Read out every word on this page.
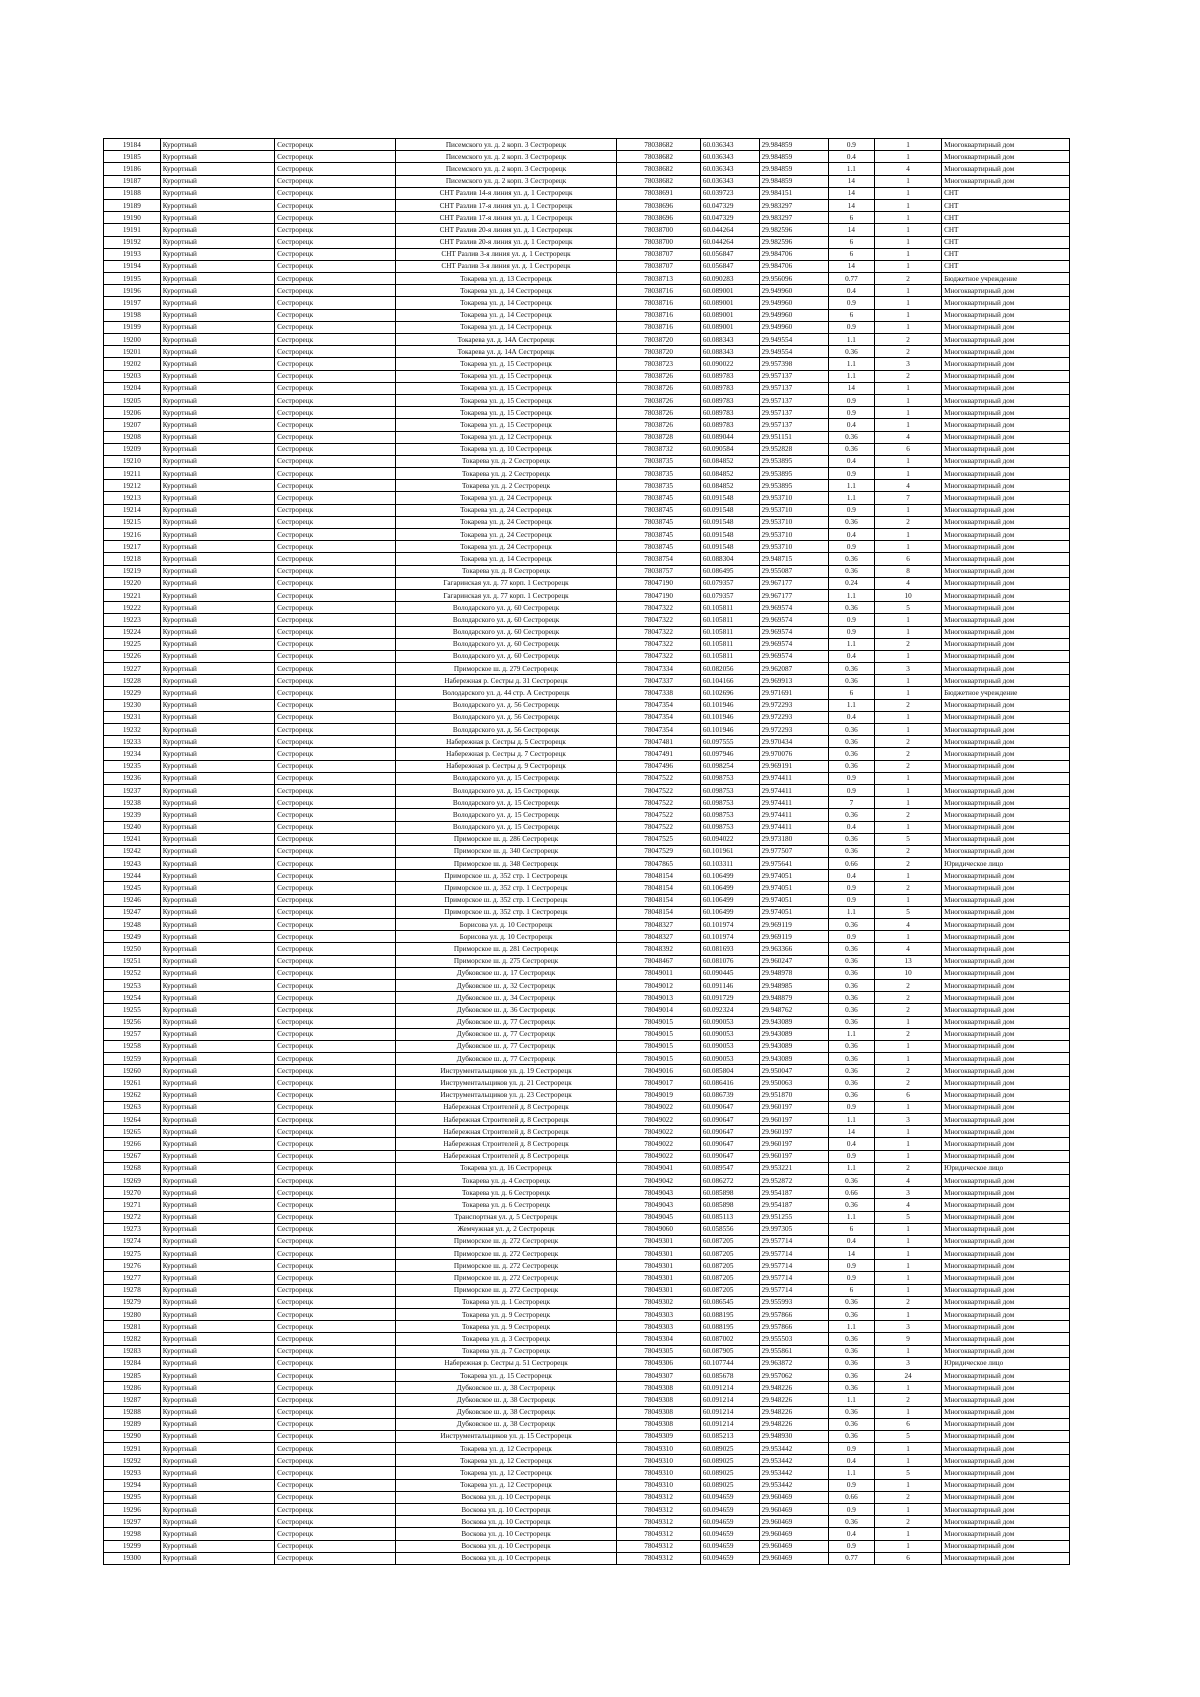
19184	Курортный	Сестрорецк	Писемского ул. д. 2 корп. 3 Сестрорецк	78038682	60.036343	29.984859	0.9	1	Многоквартирный дом
19185	Курортный	Сестрорецк	Писемского ул. д. 2 корп. 3 Сестрорецк	78038682	60.036343	29.984859	0.4	1	Многоквартирный дом
19186	Курортный	Сестрорецк	Писемского ул. д. 2 корп. 3 Сестрорецк	78038682	60.036343	29.984859	1.1	4	Многоквартирный дом
19187	Курортный	Сестрорецк	Писемского ул. д. 2 корп. 3 Сестрорецк	78038682	60.036343	29.984859	14	1	Многоквартирный дом
19188	Курортный	Сестрорецк	СНТ Разлив 14-я линия ул. д. 1 Сестрорецк	78038691	60.039723	29.984151	14	1	СНТ
19189	Курортный	Сестрорецк	СНТ Разлив 17-я линия ул. д. 1 Сестрорецк	78038696	60.047329	29.983297	14	1	СНТ
19190	Курортный	Сестрорецк	СНТ Разлив 17-я линия ул. д. 1 Сестрорецк	78038696	60.047329	29.983297	6	1	СНТ
19191	Курортный	Сестрорецк	СНТ Разлив 20-я линия ул. д. 1 Сестрорецк	78038700	60.044264	29.982596	14	1	СНТ
19192	Курортный	Сестрорецк	СНТ Разлив 20-я линия ул. д. 1 Сестрорецк	78038700	60.044264	29.982596	6	1	СНТ
19193	Курортный	Сестрорецк	СНТ Разлив 3-я линия ул. д. 1 Сестрорецк	78038707	60.056847	29.984706	6	1	СНТ
19194	Курортный	Сестрорецк	СНТ Разлив 3-я линия ул. д. 1 Сестрорецк	78038707	60.056847	29.984706	14	1	СНТ
19195	Курортный	Сестрорецк	Токарева ул. д. 13 Сестрорецк	78038713	60.090283	29.956096	0.77	2	Бюджетное учреждение
19196	Курортный	Сестрорецк	Токарева ул. д. 14 Сестрорецк	78038716	60.089001	29.949960	0.4	1	Многоквартирный дом
19197	Курортный	Сестрорецк	Токарева ул. д. 14 Сестрорецк	78038716	60.089001	29.949960	0.9	1	Многоквартирный дом
19198	Курортный	Сестрорецк	Токарева ул. д. 14 Сестрорецк	78038716	60.089001	29.949960	6	1	Многоквартирный дом
19199	Курортный	Сестрорецк	Токарева ул. д. 14 Сестрорецк	78038716	60.089001	29.949960	0.9	1	Многоквартирный дом
19200	Курортный	Сестрорецк	Токарева ул. д. 14А Сестрорецк	78038720	60.088343	29.949554	1.1	2	Многоквартирный дом
19201	Курортный	Сестрорецк	Токарева ул. д. 14А Сестрорецк	78038720	60.088343	29.949554	0.36	2	Многоквартирный дом
19202	Курортный	Сестрорецк	Токарева ул. д. 15 Сестрорецк	78038723	60.090022	29.957398	1.1	3	Многоквартирный дом
19203	Курортный	Сестрорецк	Токарева ул. д. 15 Сестрорецк	78038726	60.089783	29.957137	1.1	2	Многоквартирный дом
19204	Курортный	Сестрорецк	Токарева ул. д. 15 Сестрорецк	78038726	60.089783	29.957137	14	1	Многоквартирный дом
19205	Курортный	Сестрорецк	Токарева ул. д. 15 Сестрорецк	78038726	60.089783	29.957137	0.9	1	Многоквартирный дом
19206	Курортный	Сестрорецк	Токарева ул. д. 15 Сестрорецк	78038726	60.089783	29.957137	0.9	1	Многоквартирный дом
19207	Курортный	Сестрорецк	Токарева ул. д. 15 Сестрорецк	78038726	60.089783	29.957137	0.4	1	Многоквартирный дом
19208	Курортный	Сестрорецк	Токарева ул. д. 12 Сестрорецк	78038728	60.089044	29.951151	0.36	4	Многоквартирный дом
19209	Курортный	Сестрорецк	Токарева ул. д. 10 Сестрорецк	78038732	60.090584	29.952828	0.36	6	Многоквартирный дом
19210	Курортный	Сестрорецк	Токарева ул. д. 2 Сестрорецк	78038735	60.084852	29.953895	0.4	1	Многоквартирный дом
19211	Курортный	Сестрорецк	Токарева ул. д. 2 Сестрорецк	78038735	60.084852	29.953895	0.9	1	Многоквартирный дом
19212	Курортный	Сестрорецк	Токарева ул. д. 2 Сестрорецк	78038735	60.084852	29.953895	1.1	4	Многоквартирный дом
19213	Курортный	Сестрорецк	Токарева ул. д. 24 Сестрорецк	78038745	60.091548	29.953710	1.1	7	Многоквартирный дом
19214	Курортный	Сестрорецк	Токарева ул. д. 24 Сестрорецк	78038745	60.091548	29.953710	0.9	1	Многоквартирный дом
19215	Курортный	Сестрорецк	Токарева ул. д. 24 Сестрорецк	78038745	60.091548	29.953710	0.36	2	Многоквартирный дом
19216	Курортный	Сестрорецк	Токарева ул. д. 24 Сестрорецк	78038745	60.091548	29.953710	0.4	1	Многоквартирный дом
19217	Курортный	Сестрорецк	Токарева ул. д. 24 Сестрорецк	78038745	60.091548	29.953710	0.9	1	Многоквартирный дом
19218	Курортный	Сестрорецк	Токарева ул. д. 14 Сестрорецк	78038754	60.088304	29.948715	0.36	6	Многоквартирный дом
19219	Курортный	Сестрорецк	Токарева ул. д. 8 Сестрорецк	78038757	60.086495	29.955087	0.36	8	Многоквартирный дом
19220	Курортный	Сестрорецк	Гагаринская ул. д. 77 корп. 1 Сестрорецк	78047190	60.079357	29.967177	0.24	4	Многоквартирный дом
19221	Курортный	Сестрорецк	Гагаринская ул. д. 77 корп. 1 Сестрорецк	78047190	60.079357	29.967177	1.1	10	Многоквартирный дом
19222	Курортный	Сестрорецк	Володарского ул. д. 60 Сестрорецк	78047322	60.105811	29.969574	0.36	5	Многоквартирный дом
19223	Курортный	Сестрорецк	Володарского ул. д. 60 Сестрорецк	78047322	60.105811	29.969574	0.9	1	Многоквартирный дом
19224	Курортный	Сестрорецк	Володарского ул. д. 60 Сестрорецк	78047322	60.105811	29.969574	0.9	1	Многоквартирный дом
19225	Курортный	Сестрорецк	Володарского ул. д. 60 Сестрорецк	78047322	60.105811	29.969574	1.1	2	Многоквартирный дом
19226	Курортный	Сестрорецк	Володарского ул. д. 60 Сестрорецк	78047322	60.105811	29.969574	0.4	1	Многоквартирный дом
19227	Курортный	Сестрорецк	Приморское ш. д. 279 Сестрорецк	78047334	60.082056	29.962087	0.36	3	Многоквартирный дом
19228	Курортный	Сестрорецк	Набережная р. Сестры д. 31 Сестрорецк	78047337	60.104166	29.969913	0.36	1	Многоквартирный дом
19229	Курортный	Сестрорецк	Володарского ул. д. 44 стр. А Сестрорецк	78047338	60.102696	29.971691	6	1	Бюджетное учреждение
19230	Курортный	Сестрорецк	Володарского ул. д. 56 Сестрорецк	78047354	60.101946	29.972293	1.1	2	Многоквартирный дом
19231	Курортный	Сестрорецк	Володарского ул. д. 56 Сестрорецк	78047354	60.101946	29.972293	0.4	1	Многоквартирный дом
19232	Курортный	Сестрорецк	Володарского ул. д. 56 Сестрорецк	78047354	60.101946	29.972293	0.36	1	Многоквартирный дом
19233	Курортный	Сестрорецк	Набережная р. Сестры д. 5 Сестрорецк	78047481	60.097555	29.970434	0.36	2	Многоквартирный дом
19234	Курортный	Сестрорецк	Набережная р. Сестры д. 7 Сестрорецк	78047491	60.097946	29.970076	0.36	2	Многоквартирный дом
19235	Курортный	Сестрорецк	Набережная р. Сестры д. 9 Сестрорецк	78047496	60.098254	29.969191	0.36	2	Многоквартирный дом
19236	Курортный	Сестрорецк	Володарского ул. д. 15 Сестрорецк	78047522	60.098753	29.974411	0.9	1	Многоквартирный дом
19237	Курортный	Сестрорецк	Володарского ул. д. 15 Сестрорецк	78047522	60.098753	29.974411	0.9	1	Многоквартирный дом
19238	Курортный	Сестрорецк	Володарского ул. д. 15 Сестрорецк	78047522	60.098753	29.974411	7	1	Многоквартирный дом
19239	Курортный	Сестрорецк	Володарского ул. д. 15 Сестрорецк	78047522	60.098753	29.974411	0.36	2	Многоквартирный дом
19240	Курортный	Сестрорецк	Володарского ул. д. 15 Сестрорецк	78047522	60.098753	29.974411	0.4	1	Многоквартирный дом
19241	Курортный	Сестрорецк	Приморское ш. д. 286 Сестрорецк	78047525	60.094022	29.973180	0.36	5	Многоквартирный дом
19242	Курортный	Сестрорецк	Приморское ш. д. 340 Сестрорецк	78047529	60.101961	29.977507	0.36	2	Многоквартирный дом
19243	Курортный	Сестрорецк	Приморское ш. д. 348 Сестрорецк	78047865	60.103311	29.975641	0.66	2	Юридическое лицо
19244	Курортный	Сестрорецк	Приморское ш. д. 352 стр. 1 Сестрорецк	78048154	60.106499	29.974051	0.4	1	Многоквартирный дом
19245	Курортный	Сестрорецк	Приморское ш. д. 352 стр. 1 Сестрорецк	78048154	60.106499	29.974051	0.9	2	Многоквартирный дом
19246	Курортный	Сестрорецк	Приморское ш. д. 352 стр. 1 Сестрорецк	78048154	60.106499	29.974051	0.9	1	Многоквартирный дом
19247	Курортный	Сестрорецк	Приморское ш. д. 352 стр. 1 Сестрорецк	78048154	60.106499	29.974051	1.1	5	Многоквартирный дом
19248	Курортный	Сестрорецк	Борисова ул. д. 10 Сестрорецк	78048327	60.101974	29.969119	0.36	4	Многоквартирный дом
19249	Курортный	Сестрорецк	Борисова ул. д. 10 Сестрорецк	78048327	60.101974	29.969119	0.9	1	Многоквартирный дом
19250	Курортный	Сестрорецк	Приморское ш. д. 281 Сестрорецк	78048392	60.081693	29.963366	0.36	4	Многоквартирный дом
19251	Курортный	Сестрорецк	Приморское ш. д. 275 Сестрорецк	78048467	60.081076	29.960247	0.36	13	Многоквартирный дом
19252	Курортный	Сестрорецк	Дубковское ш. д. 17 Сестрорецк	78049011	60.090445	29.948978	0.36	10	Многоквартирный дом
19253	Курортный	Сестрорецк	Дубковское ш. д. 32 Сестрорецк	78049012	60.091146	29.948985	0.36	2	Многоквартирный дом
19254	Курортный	Сестрорецк	Дубковское ш. д. 34 Сестрорецк	78049013	60.091729	29.948879	0.36	2	Многоквартирный дом
19255	Курортный	Сестрорецк	Дубковское ш. д. 36 Сестрорецк	78049014	60.092324	29.948762	0.36	2	Многоквартирный дом
19256	Курортный	Сестрорецк	Дубковское ш. д. 77 Сестрорецк	78049015	60.090053	29.943089	0.36	1	Многоквартирный дом
19257	Курортный	Сестрорецк	Дубковское ш. д. 77 Сестрорецк	78049015	60.090053	29.943089	1.1	2	Многоквартирный дом
19258	Курортный	Сестрорецк	Дубковское ш. д. 77 Сестрорецк	78049015	60.090053	29.943089	0.36	1	Многоквартирный дом
19259	Курортный	Сестрорецк	Дубковское ш. д. 77 Сестрорецк	78049015	60.090053	29.943089	0.36	1	Многоквартирный дом
19260	Курортный	Сестрорецк	Инструментальщиков ул. д. 19 Сестрорецк	78049016	60.085804	29.950047	0.36	2	Многоквартирный дом
19261	Курортный	Сестрорецк	Инструментальщиков ул. д. 21 Сестрорецк	78049017	60.086416	29.950063	0.36	2	Многоквартирный дом
19262	Курортный	Сестрорецк	Инструментальщиков ул. д. 23 Сестрорецк	78049019	60.086739	29.951870	0.36	6	Многоквартирный дом
19263	Курортный	Сестрорецк	Набережная Строителей д. 8 Сестрорецк	78049022	60.090647	29.960197	0.9	1	Многоквартирный дом
19264	Курортный	Сестрорецк	Набережная Строителей д. 8 Сестрорецк	78049022	60.090647	29.960197	1.1	3	Многоквартирный дом
19265	Курортный	Сестрорецк	Набережная Строителей д. 8 Сестрорецк	78049022	60.090647	29.960197	14	1	Многоквартирный дом
19266	Курортный	Сестрорецк	Набережная Строителей д. 8 Сестрорецк	78049022	60.090647	29.960197	0.4	1	Многоквартирный дом
19267	Курортный	Сестрорецк	Набережная Строителей д. 8 Сестрорецк	78049022	60.090647	29.960197	0.9	1	Многоквартирный дом
19268	Курортный	Сестрорецк	Токарева ул. д. 16 Сестрорецк	78049041	60.089547	29.953221	1.1	2	Юридическое лицо
19269	Курортный	Сестрорецк	Токарева ул. д. 4 Сестрорецк	78049042	60.086272	29.952872	0.36	4	Многоквартирный дом
19270	Курортный	Сестрорецк	Токарева ул. д. 6 Сестрорецк	78049043	60.085898	29.954187	0.66	3	Многоквартирный дом
19271	Курортный	Сестрорецк	Токарева ул. д. 6 Сестрорецк	78049043	60.085898	29.954187	0.36	4	Многоквартирный дом
19272	Курортный	Сестрорецк	Транспортная ул. д. 5 Сестрорецк	78049045	60.085113	29.951255	1.1	5	Многоквартирный дом
19273	Курортный	Сестрорецк	Жемчужная ул. д. 2 Сестрорецк	78049060	60.058556	29.997305	6	1	Многоквартирный дом
19274	Курортный	Сестрорецк	Приморское ш. д. 272 Сестрорецк	78049301	60.087205	29.957714	0.4	1	Многоквартирный дом
19275	Курортный	Сестрорецк	Приморское ш. д. 272 Сестрорецк	78049301	60.087205	29.957714	14	1	Многоквартирный дом
19276	Курортный	Сестрорецк	Приморское ш. д. 272 Сестрорецк	78049301	60.087205	29.957714	0.9	1	Многоквартирный дом
19277	Курортный	Сестрорецк	Приморское ш. д. 272 Сестрорецк	78049301	60.087205	29.957714	0.9	1	Многоквартирный дом
19278	Курортный	Сестрорецк	Приморское ш. д. 272 Сестрорецк	78049301	60.087205	29.957714	6	1	Многоквартирный дом
19279	Курортный	Сестрорецк	Токарева ул. д. 1 Сестрорецк	78049302	60.086545	29.955993	0.36	2	Многоквартирный дом
19280	Курортный	Сестрорецк	Токарева ул. д. 9 Сестрорецк	78049303	60.088195	29.957866	0.36	1	Многоквартирный дом
19281	Курортный	Сестрорецк	Токарева ул. д. 9 Сестрорецк	78049303	60.088195	29.957866	1.1	3	Многоквартирный дом
19282	Курортный	Сестрорецк	Токарева ул. д. 3 Сестрорецк	78049304	60.087002	29.955503	0.36	9	Многоквартирный дом
19283	Курортный	Сестрорецк	Токарева ул. д. 7 Сестрорецк	78049305	60.087905	29.955861	0.36	1	Многоквартирный дом
19284	Курортный	Сестрорецк	Набережная р. Сестры д. 51 Сестрорецк	78049306	60.107744	29.963872	0.36	3	Юридическое лицо
19285	Курортный	Сестрорецк	Токарева ул. д. 15 Сестрорецк	78049307	60.085678	29.957062	0.36	24	Многоквартирный дом
19286	Курортный	Сестрорецк	Дубковское ш. д. 38 Сестрорецк	78049308	60.091214	29.948226	0.36	1	Многоквартирный дом
19287	Курортный	Сестрорецк	Дубковское ш. д. 38 Сестрорецк	78049308	60.091214	29.948226	1.1	2	Многоквартирный дом
19288	Курортный	Сестрорецк	Дубковское ш. д. 38 Сестрорецк	78049308	60.091214	29.948226	0.36	1	Многоквартирный дом
19289	Курортный	Сестрорецк	Дубковское ш. д. 38 Сестрорецк	78049308	60.091214	29.948226	0.36	6	Многоквартирный дом
19290	Курортный	Сестрорецк	Инструментальщиков ул. д. 15 Сестрорецк	78049309	60.085213	29.948930	0.36	5	Многоквартирный дом
19291	Курортный	Сестрорецк	Токарева ул. д. 12 Сестрорецк	78049310	60.089025	29.953442	0.9	1	Многоквартирный дом
19292	Курортный	Сестрорецк	Токарева ул. д. 12 Сестрорецк	78049310	60.089025	29.953442	0.4	1	Многоквартирный дом
19293	Курортный	Сестрорецк	Токарева ул. д. 12 Сестрорецк	78049310	60.089025	29.953442	1.1	5	Многоквартирный дом
19294	Курортный	Сестрорецк	Токарева ул. д. 12 Сестрорецк	78049310	60.089025	29.953442	0.9	1	Многоквартирный дом
19295	Курортный	Сестрорецк	Воскова ул. д. 10 Сестрорецк	78049312	60.094659	29.960469	0.66	2	Многоквартирный дом
19296	Курортный	Сестрорецк	Воскова ул. д. 10 Сестрорецк	78049312	60.094659	29.960469	0.9	1	Многоквартирный дом
19297	Курортный	Сестрорецк	Воскова ул. д. 10 Сестрорецк	78049312	60.094659	29.960469	0.36	2	Многоквартирный дом
19298	Курортный	Сестрорецк	Воскова ул. д. 10 Сестрорецк	78049312	60.094659	29.960469	0.4	1	Многоквартирный дом
19299	Курортный	Сестрорецк	Воскова ул. д. 10 Сестрорецк	78049312	60.094659	29.960469	0.9	1	Многоквартирный дом
19300	Курортный	Сестрорецк	Воскова ул. д. 10 Сестрорецк	78049312	60.094659	29.960469	0.77	6	Многоквартирный дом
